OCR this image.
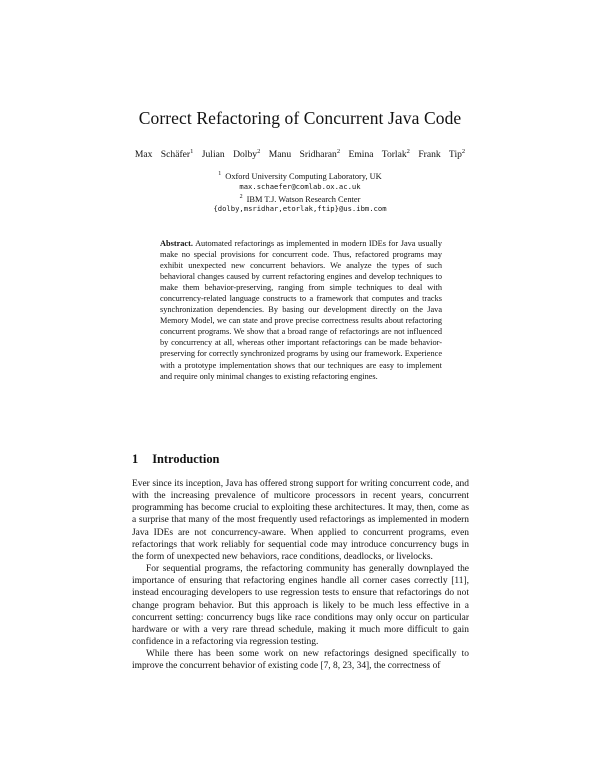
Correct Refactoring of Concurrent Java Code
Max Schäfer$^1$ Julian Dolby$^2$ Manu Sridharan$^2$ Emina Torlak$^2$ Frank Tip$^2$
$^1$ Oxford University Computing Laboratory, UK
max.schaefer@comlab.ox.ac.uk
$^2$ IBM T.J. Watson Research Center
{dolby,msridhar,etorlak,ftip}@us.ibm.com
Abstract. Automated refactorings as implemented in modern IDEs for Java usually make no special provisions for concurrent code. Thus, refactored programs may exhibit unexpected new concurrent behaviors. We analyze the types of such behavioral changes caused by current refactoring engines and develop techniques to make them behavior-preserving, ranging from simple techniques to deal with concurrency-related language constructs to a framework that computes and tracks synchronization dependencies. By basing our development directly on the Java Memory Model, we can state and prove precise correctness results about refactoring concurrent programs. We show that a broad range of refactorings are not influenced by concurrency at all, whereas other important refactorings can be made behavior-preserving for correctly synchronized programs by using our framework. Experience with a prototype implementation shows that our techniques are easy to implement and require only minimal changes to existing refactoring engines.
1 Introduction

Ever since its inception, Java has offered strong support for writing concurrent code, and with the increasing prevalence of multicore processors in recent years, concurrent programming has become crucial to exploiting these architectures. It may, then, come as a surprise that many of the most frequently used refactorings as implemented in modern Java IDEs are not concurrency-aware. When applied to concurrent programs, even refactorings that work reliably for sequential code may introduce concurrency bugs in the form of unexpected new behaviors, race conditions, deadlocks, or livelocks.

For sequential programs, the refactoring community has generally downplayed the importance of ensuring that refactoring engines handle all corner cases correctly [11], instead encouraging developers to use regression tests to ensure that refactorings do not change program behavior. But this approach is likely to be much less effective in a concurrent setting: concurrency bugs like race conditions may only occur on particular hardware or with a very rare thread schedule, making it much more difficult to gain confidence in a refactoring via regression testing.

While there has been some work on new refactorings designed specifically to improve the concurrent behavior of existing code [7, 8, 23, 34], the correctness of
